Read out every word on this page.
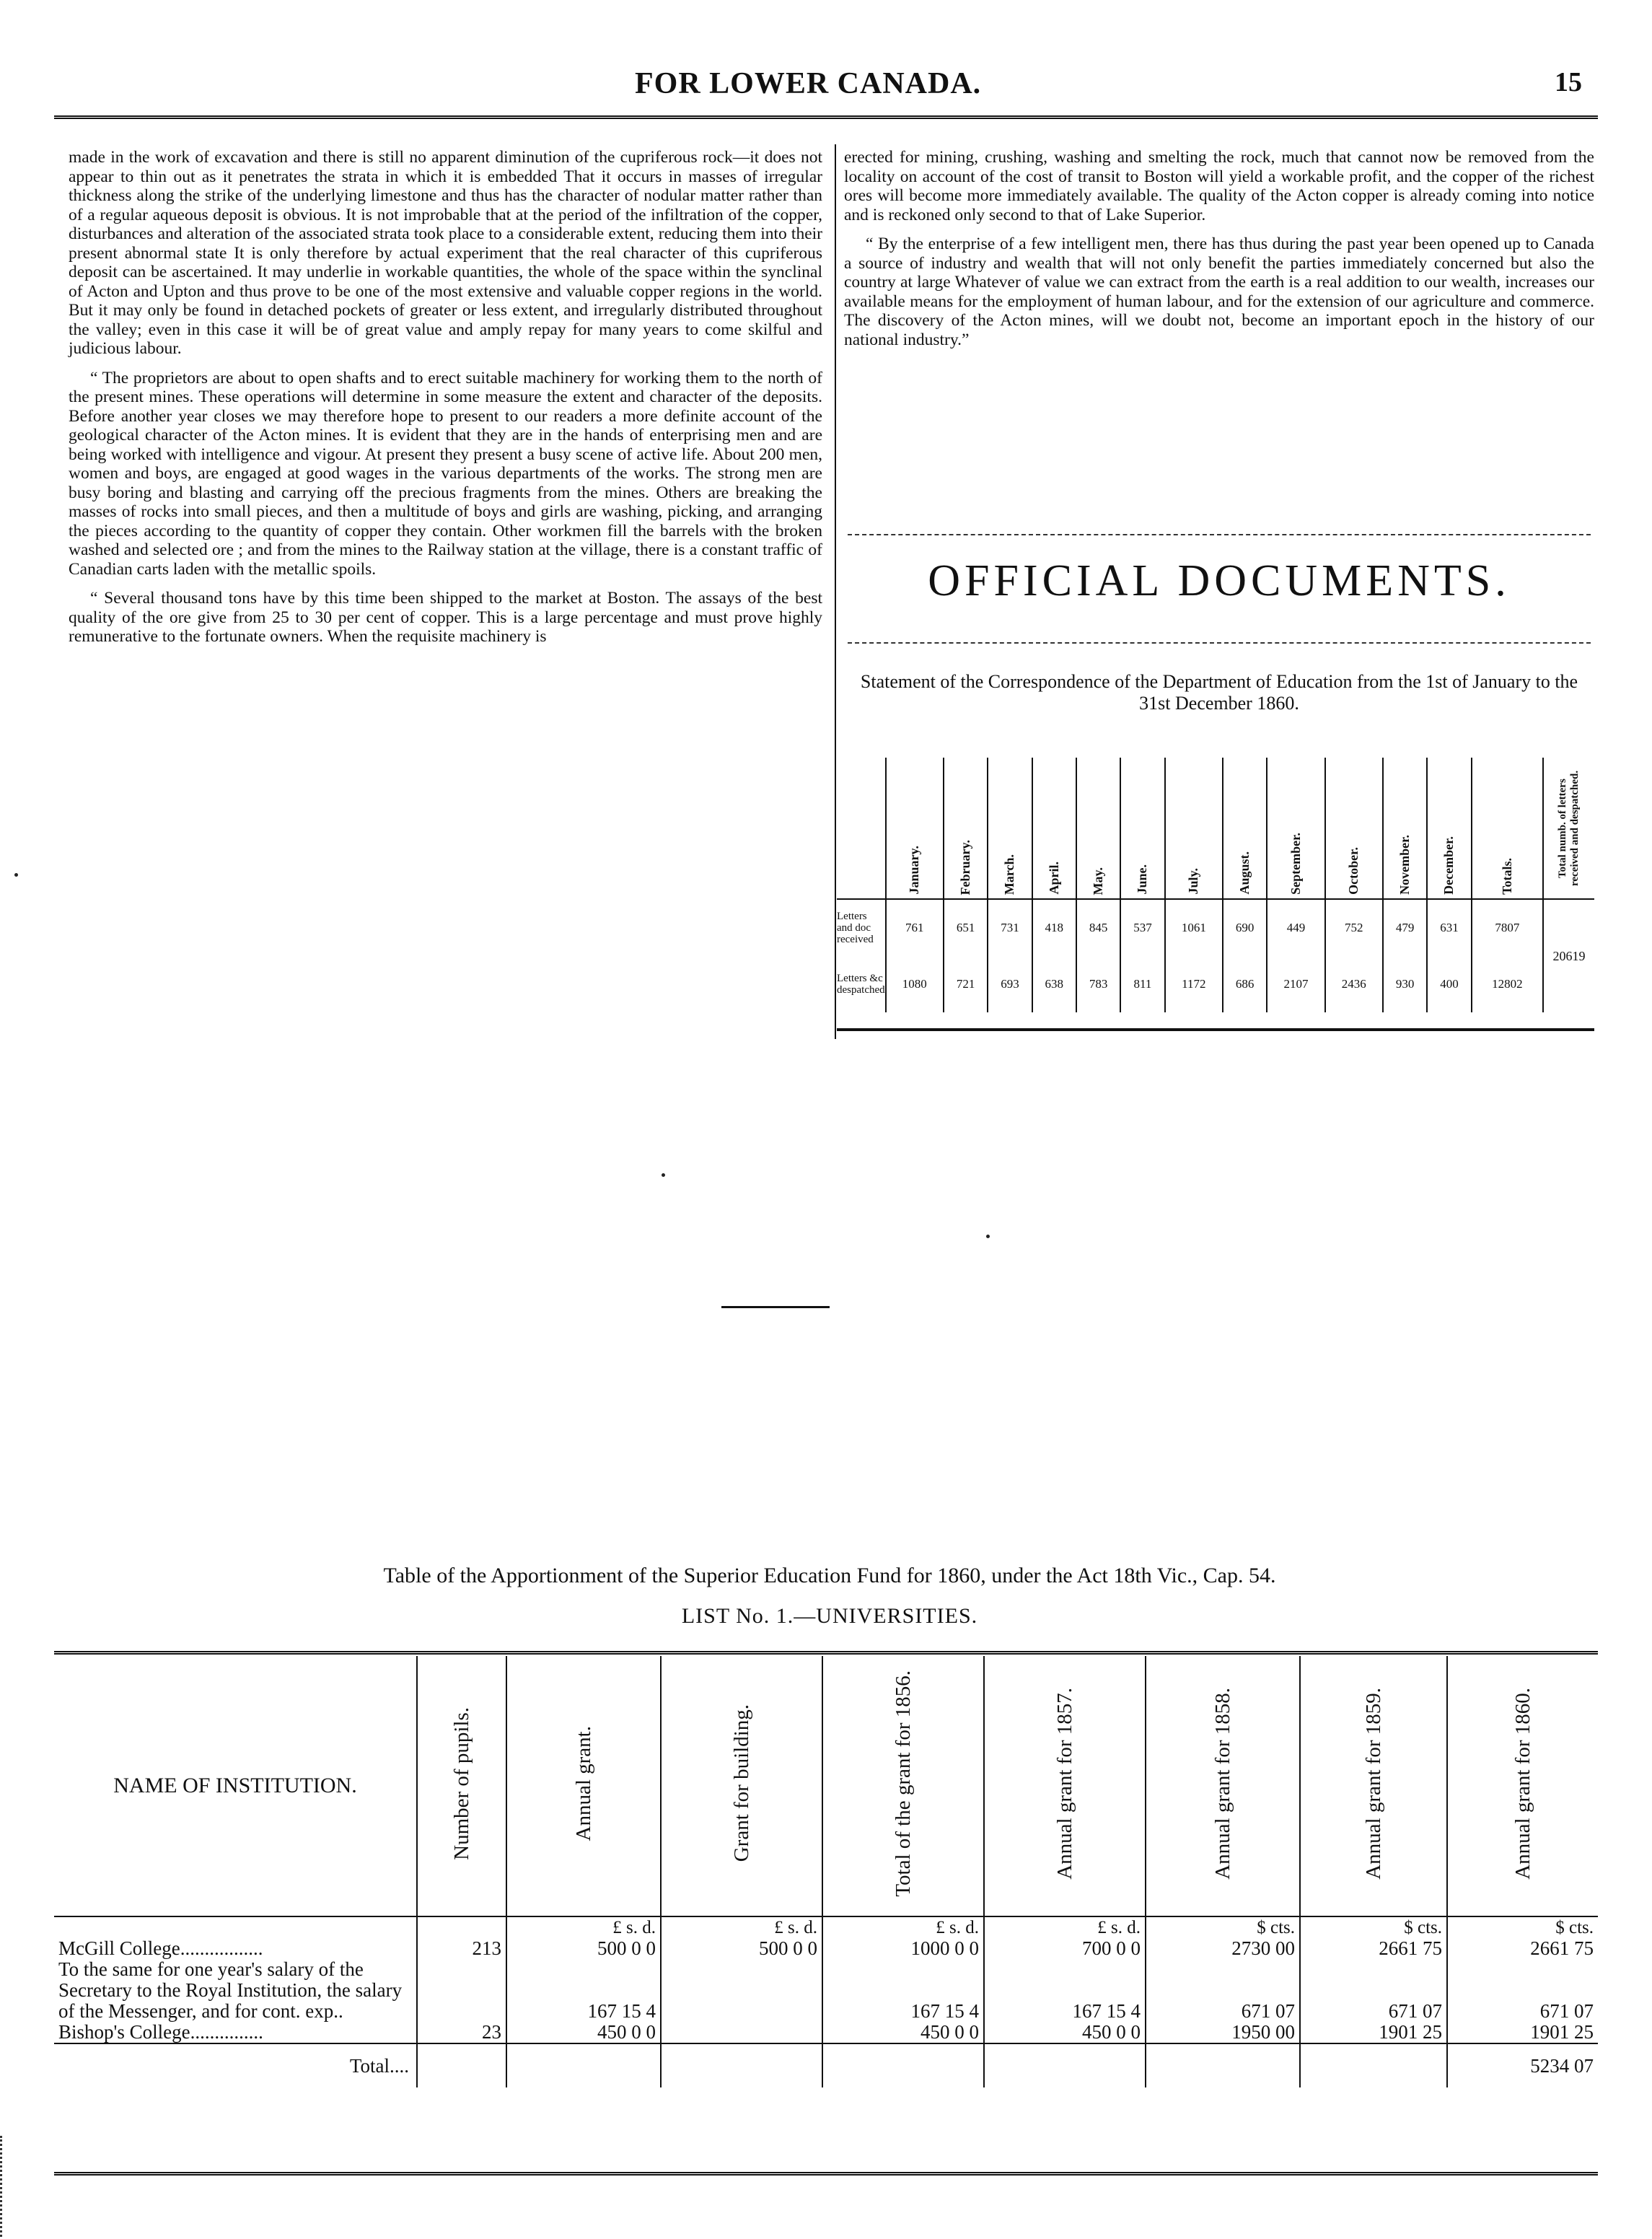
FOR LOWER CANADA.	15

made in the work of excavation and there is still no apparent diminution of the cupriferous rock—it does not appear to thin out as it penetrates the strata in which it is embedded That it occurs in masses of irregular thickness along the strike of the underlying limestone and thus has the character of nodular matter rather than of a regular aqueous deposit is obvious. It is not improbable that at the period of the infiltration of the copper, disturbances and alteration of the associated strata took place to a considerable extent, reducing them into their present abnormal state It is only therefore by actual experiment that the real character of this cupriferous deposit can be ascertained. It may underlie in workable quantities, the whole of the space within the synclinal of Acton and Upton and thus prove to be one of the most extensive and valuable copper regions in the world. But it may only be found in detached pockets of greater or less extent, and irregularly distributed throughout the valley; even in this case it will be of great value and amply repay for many years to come skilful and judicious labour.

“ The proprietors are about to open shafts and to erect suitable machinery for working them to the north of the present mines. These operations will determine in some measure the extent and character of the deposits. Before another year closes we may therefore hope to present to our readers a more definite account of the geological character of the Acton mines. It is evident that they are in the hands of enterprising men and are being worked with intelligence and vigour. At present they present a busy scene of active life. About 200 men, women and boys, are engaged at good wages in the various departments of the works. The strong men are busy boring and blasting and carrying off the precious fragments from the mines. Others are breaking the masses of rocks into small pieces, and then a multitude of boys and girls are washing, picking, and arranging the pieces according to the quantity of copper they contain. Other workmen fill the barrels with the broken washed and selected ore ; and from the mines to the Railway station at the village, there is a constant traffic of Canadian carts laden with the metallic spoils.

“ Several thousand tons have by this time been shipped to the market at Boston. The assays of the best quality of the ore give from 25 to 30 per cent of copper. This is a large percentage and must prove highly remunerative to the fortunate owners. When the requisite machinery is

erected for mining, crushing, washing and smelting the rock, much that cannot now be removed from the locality on account of the cost of transit to Boston will yield a workable profit, and the copper of the richest ores will become more immediately available. The quality of the Acton copper is already coming into notice and is reckoned only second to that of Lake Superior.

“ By the enterprise of a few intelligent men, there has thus during the past year been opened up to Canada a source of industry and wealth that will not only benefit the parties immediately concerned but also the country at large Whatever of value we can extract from the earth is a real addition to our wealth, increases our available means for the employment of human labour, and for the extension of our agriculture and commerce. The discovery of the Acton mines, will we doubt not, become an important epoch in the history of our national industry.”

OFFICIAL DOCUMENTS.
Statement of the Correspondence of the Department of Education from the 1st of January to the 31st December 1860.
	January.	February.	March.	April.	May.	June.	July.	August.	September.	October.	November.	December.	Totals.	Total numb. of letters received and despatched.
Letters and doc received	761	651	731	418	845	537	1061	690	449	752	479	631	7807	20619
Letters &c despatched	1080	721	693	638	783	811	1172	686	2107	2436	930	400	12802	
Table of the Apportionment of the Superior Education Fund for 1860, under the Act 18th Vic., Cap. 54.
LIST No. 1.—UNIVERSITIES.
NAME OF INSTITUTION.	Number of pupils.	Annual grant.	Grant for building.	Total of the grant for 1856.	Annual grant for 1857.	Annual grant for 1858.	Annual grant for 1859.	Annual grant for 1860.
		£ s. d.	£ s. d.	£ s. d.	£ s. d.	$ cts.	$ cts.	$ cts.
McGill College.................	213	500 0 0	500 0 0	1000 0 0	700 0 0	2730 00	2661 75	2661 75
To the same for one year's salary of the Secretary to the Royal Institution, the salary of the Messenger, and for cont. exp..		167 15 4		167 15 4	167 15 4	671 07	671 07	671 07
Bishop's College...............	23	450 0 0		450 0 0	450 0 0	1950 00	1901 25	1901 25
Total....								5234 07
